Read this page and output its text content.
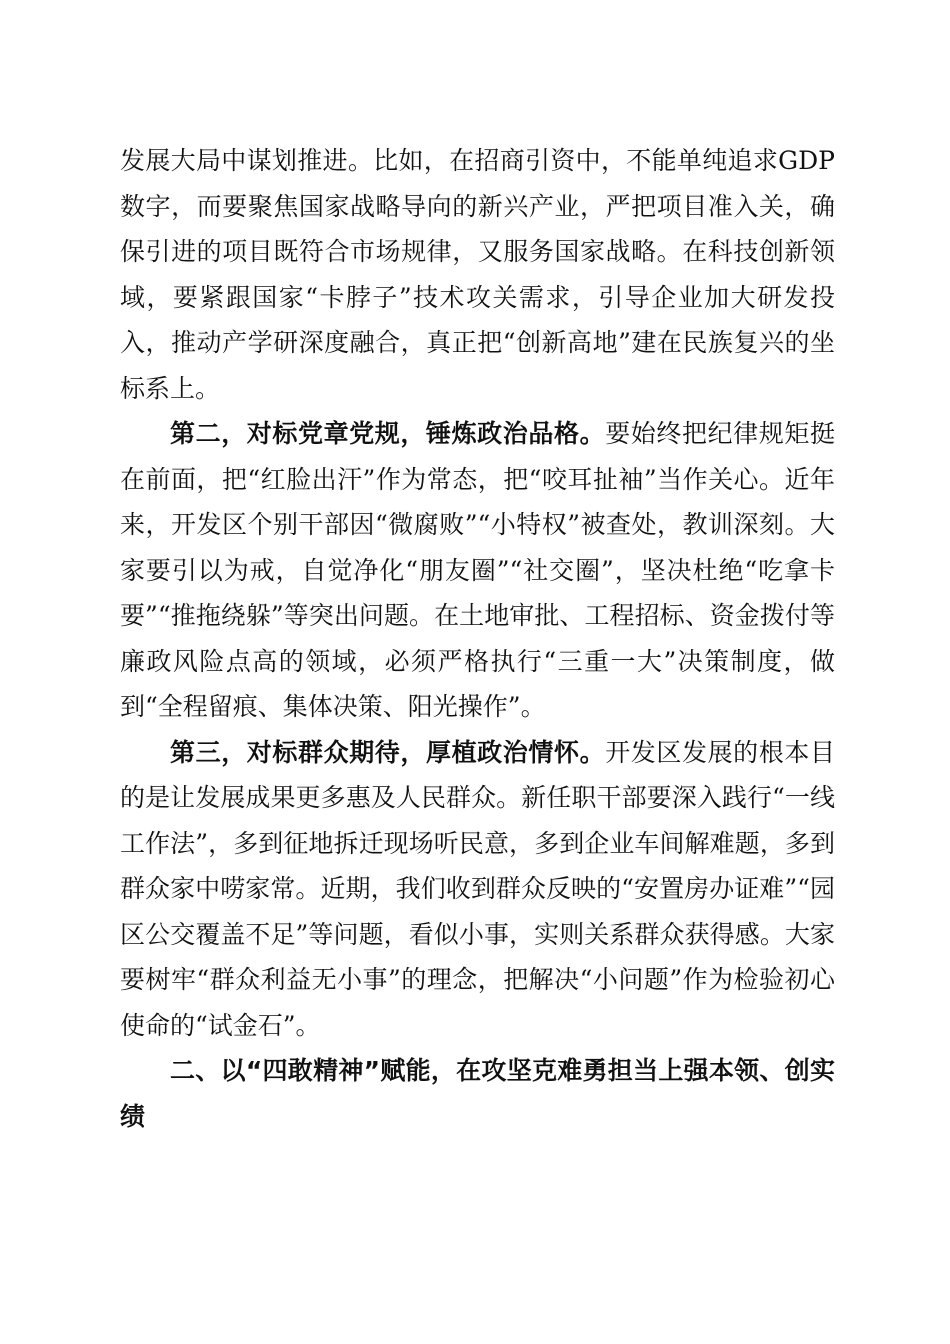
发展大局中谋划推进。比如，在招商引资中，不能单纯追求GDP数字，而要聚焦国家战略导向的新兴产业，严把项目准入关，确保引进的项目既符合市场规律，又服务国家战略。在科技创新领域，要紧跟国家“卡脖子”技术攻关需求，引导企业加大研发投入，推动产学研深度融合，真正把“创新高地”建在民族复兴的坐标系上。

第二，对标党章党规，锤炼政治品格。要始终把纪律规矩挺在前面，把“红脸出汗”作为常态，把“咬耳扯袖”当作关心。近年来，开发区个别干部因“微腐败”“小特权”被查处，教训深刻。大家要引以为戒，自觉净化“朋友圈”“社交圈”，坚决杜绝“吃拿卡要”“推拖绕躲”等突出问题。在土地审批、工程招标、资金拨付等廉政风险点高的领域，必须严格执行“三重一大”决策制度，做到“全程留痕、集体决策、阳光操作”。

第三，对标群众期待，厚植政治情怀。开发区发展的根本目的是让发展成果更多惠及人民群众。新任职干部要深入践行“一线工作法”，多到征地拆迁现场听民意，多到企业车间解难题，多到群众家中唠家常。近期，我们收到群众反映的“安置房办证难”“园区公交覆盖不足”等问题，看似小事，实则关系群众获得感。大家要树牢“群众利益无小事”的理念，把解决“小问题”作为检验初心使命的“试金石”。

二、以“四敢精神”赋能，在攻坚克难勇担当上强本领、创实绩
